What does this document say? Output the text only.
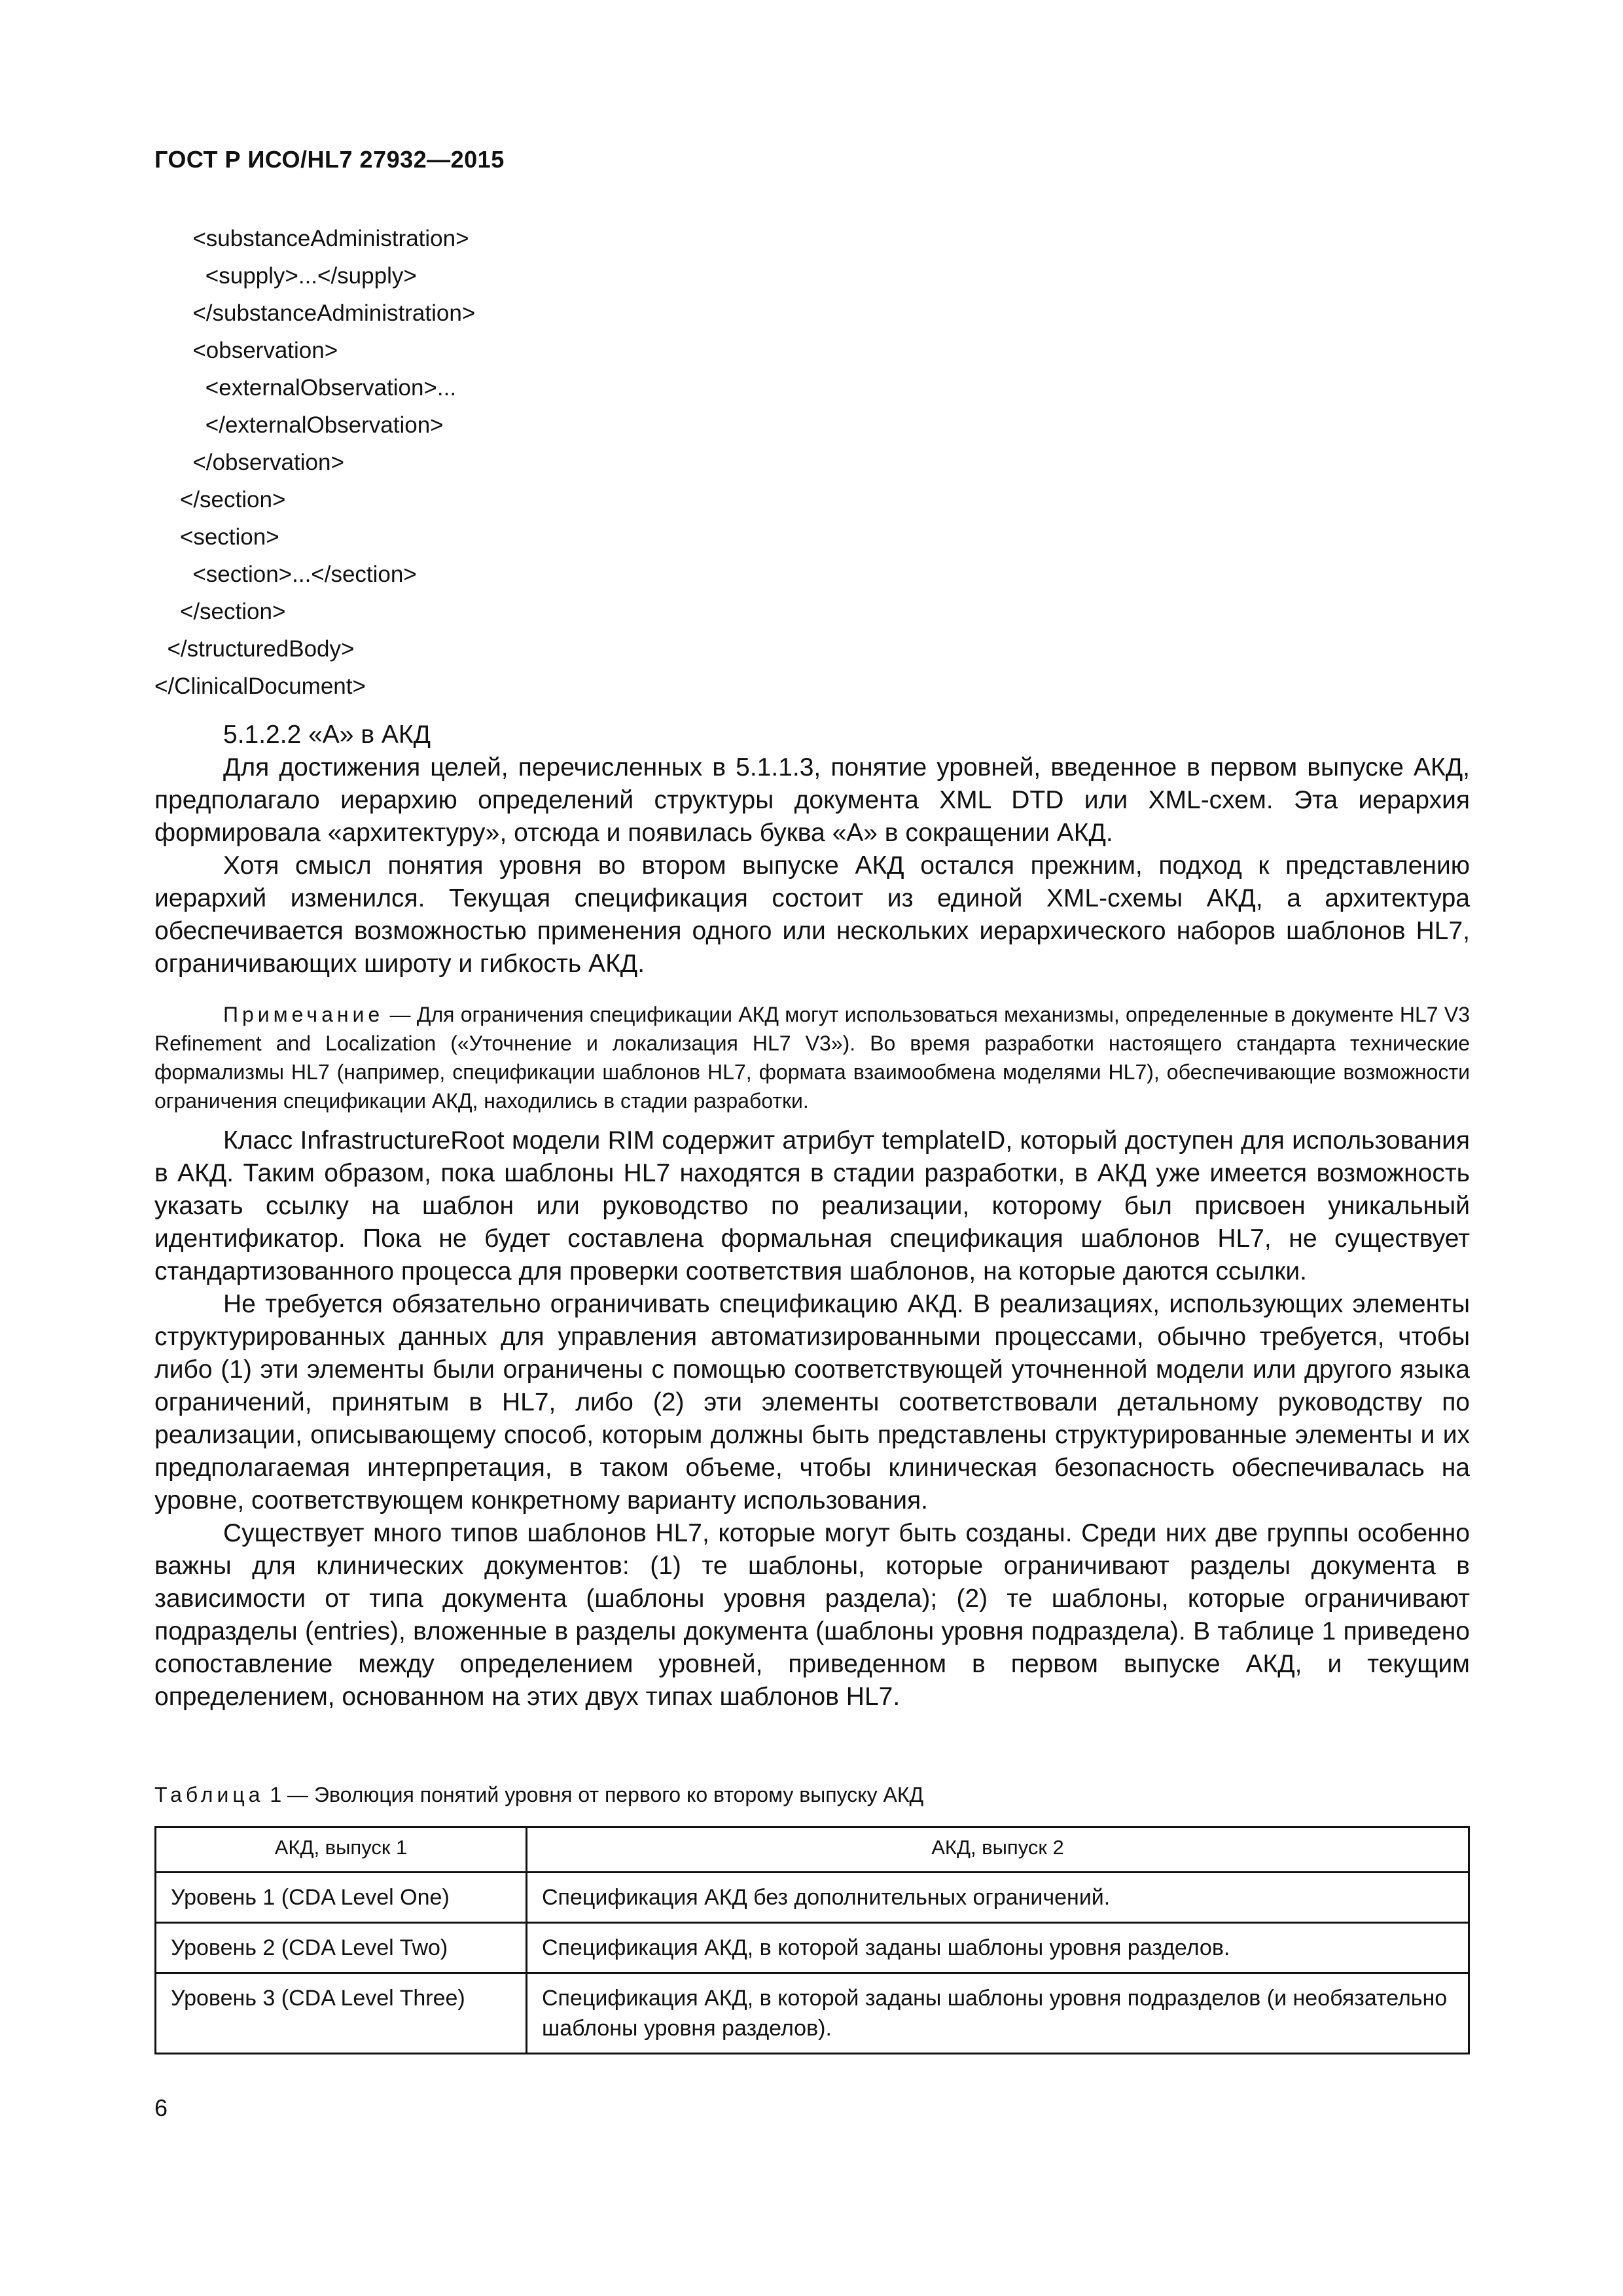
ГОСТ Р ИСО/HL7 27932—2015
<substanceAdministration>
<supply>...</supply>
</substanceAdministration>
<observation>
<externalObservation>...
</externalObservation>
</observation>
</section>
<section>
<section>...</section>
</section>
</structuredBody>
</ClinicalDocument>
5.1.2.2 «А» в АКД

Для достижения целей, перечисленных в 5.1.1.3, понятие уровней, введенное в первом выпуске АКД, предполагало иерархию определений структуры документа XML DTD или XML-схем. Эта иерархия формировала «архитектуру», отсюда и появилась буква «А» в сокращении АКД.

Хотя смысл понятия уровня во втором выпуске АКД остался прежним, подход к представлению иерархий изменился. Текущая спецификация состоит из единой XML-схемы АКД, а архитектура обеспечивается возможностью применения одного или нескольких иерархического наборов шаблонов HL7, ограничивающих широту и гибкость АКД.

Примечание — Для ограничения спецификации АКД могут использоваться механизмы, определенные в документе HL7 V3 Refinement and Localization («Уточнение и локализация HL7 V3»). Во время разработки настоящего стандарта технические формализмы HL7 (например, спецификации шаблонов HL7, формата взаимообмена моделями HL7), обеспечивающие возможности ограничения спецификации АКД, находились в стадии разработки.

Класс InfrastructureRoot модели RIM содержит атрибут templateID, который доступен для использования в АКД. Таким образом, пока шаблоны HL7 находятся в стадии разработки, в АКД уже имеется возможность указать ссылку на шаблон или руководство по реализации, которому был присвоен уникальный идентификатор. Пока не будет составлена формальная спецификация шаблонов HL7, не существует стандартизованного процесса для проверки соответствия шаблонов, на которые даются ссылки.

Не требуется обязательно ограничивать спецификацию АКД. В реализациях, использующих элементы структурированных данных для управления автоматизированными процессами, обычно требуется, чтобы либо (1) эти элементы были ограничены с помощью соответствующей уточненной модели или другого языка ограничений, принятым в HL7, либо (2) эти элементы соответствовали детальному руководству по реализации, описывающему способ, которым должны быть представлены структурированные элементы и их предполагаемая интерпретация, в таком объеме, чтобы клиническая безопасность обеспечивалась на уровне, соответствующем конкретному варианту использования.

Существует много типов шаблонов HL7, которые могут быть созданы. Среди них две группы особенно важны для клинических документов: (1) те шаблоны, которые ограничивают разделы документа в зависимости от типа документа (шаблоны уровня раздела); (2) те шаблоны, которые ограничивают подразделы (entries), вложенные в разделы документа (шаблоны уровня подраздела). В таблице 1 приведено сопоставление между определением уровней, приведенном в первом выпуске АКД, и текущим определением, основанном на этих двух типах шаблонов HL7.

Таблица 1 — Эволюция понятий уровня от первого ко второму выпуску АКД
АКД, выпуск 1	АКД, выпуск 2
Уровень 1 (CDA Level One)	Спецификация АКД без дополнительных ограничений.
Уровень 2 (CDA Level Two)	Спецификация АКД, в которой заданы шаблоны уровня разделов.
Уровень 3 (CDA Level Three)	Спецификация АКД, в которой заданы шаблоны уровня подразделов (и необязательно шаблоны уровня разделов).
6
